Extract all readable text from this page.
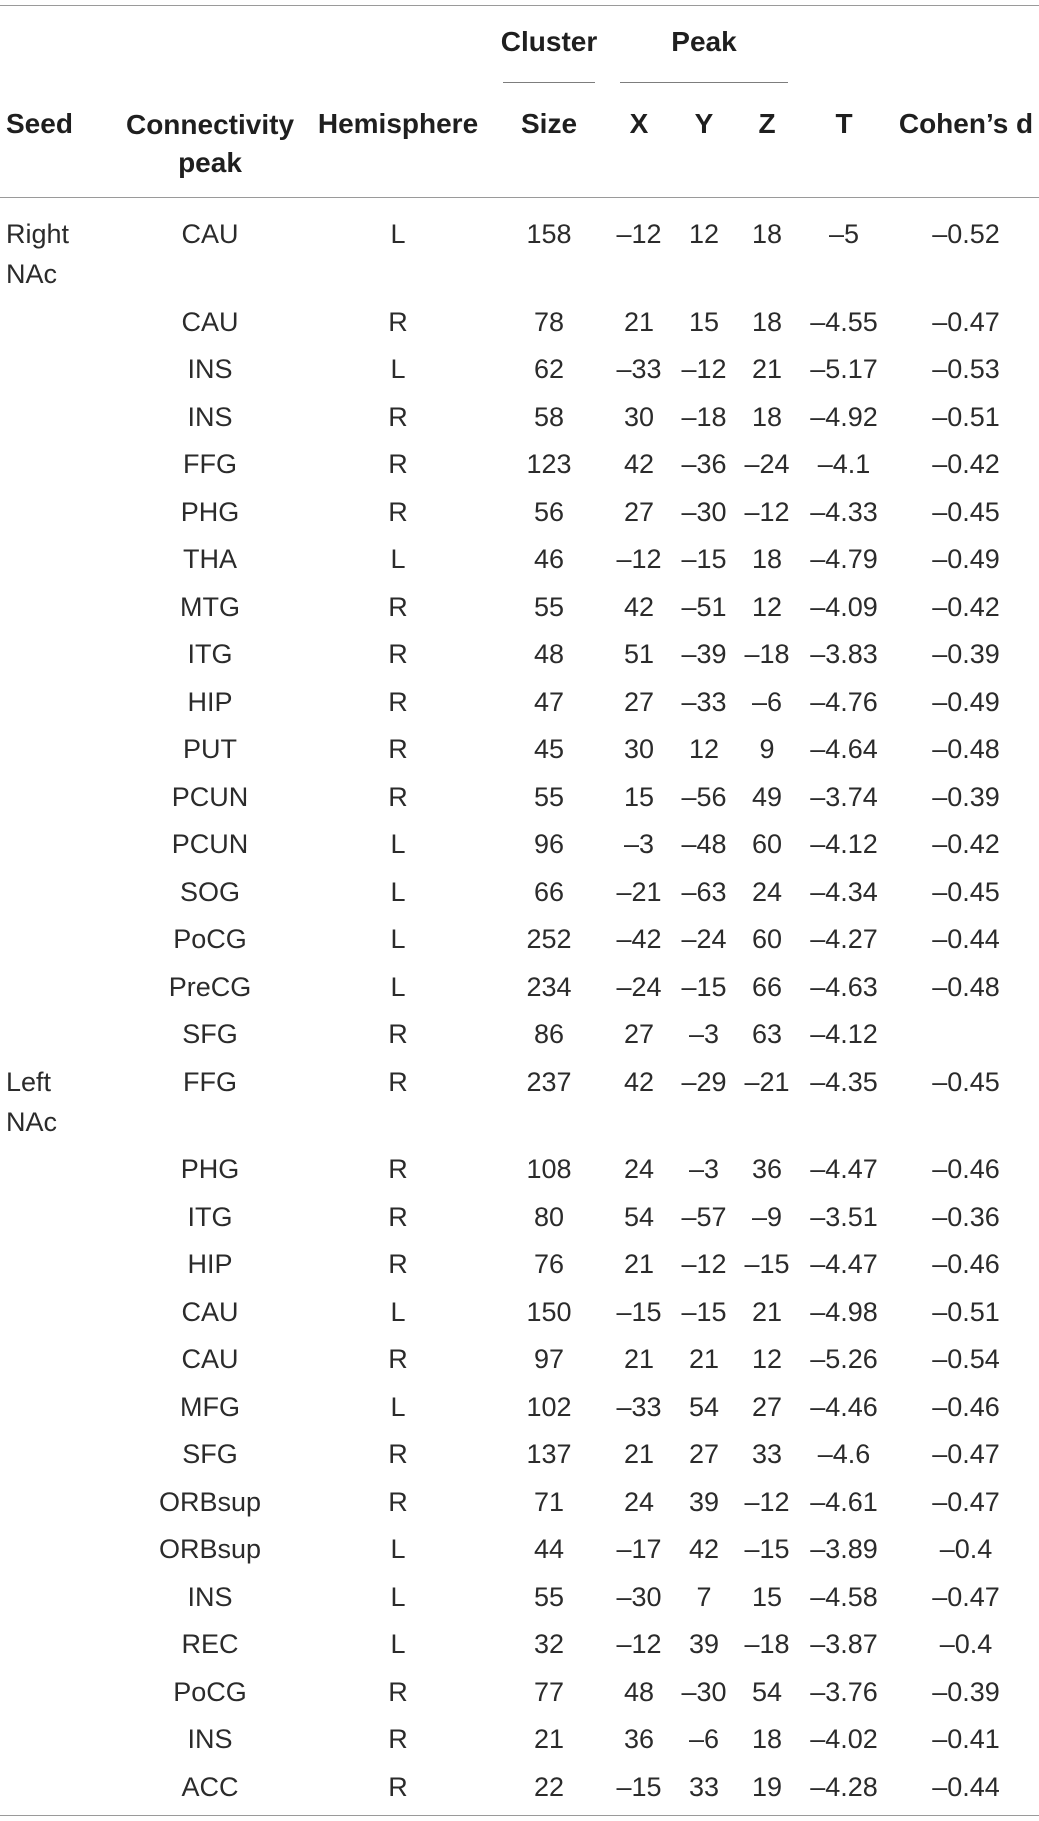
Cluster	Peak
Seed Connectivity
peak
Hemisphere Size X Y Z T Cohen’s d
Right
NAc
CAU	L	158 –12 12 18 –5	–0.52
CAU	R	78 21 15 18 –4.55 –0.47
INS	L	62 –33 –12 21 –5.17 –0.53
INS	R	58 30 –18 18 –4.92 –0.51
FFG	R	123 42 –36 –24 –4.1 –0.42
PHG	R	56 27 –30 –12 –4.33 –0.45
THA	L	46 –12 –15 18 –4.79 –0.49
MTG	R	55 42 –51 12 –4.09 –0.42
ITG	R	48 51 –39 –18 –3.83 –0.39
HIP	R	47 27 –33 –6 –4.76 –0.49
PUT	R	45 30 12 9 –4.64 –0.48
PCUN	R	55 15 –56 49 –3.74 –0.39
PCUN	L	96 –3 –48 60 –4.12 –0.42
SOG	L	66 –21 –63 24 –4.34 –0.45
PoCG	L	252 –42 –24 60 –4.27 –0.44
PreCG	L	234 –24 –15 66 –4.63 –0.48
SFG	R	86 27 –3 63 –4.12
Left
NAc
FFG	R	237 42 –29 –21 –4.35 –0.45
PHG	R	108 24 –3 36 –4.47 –0.46
ITG	R	80 54 –57 –9 –3.51 –0.36
HIP	R	76 21 –12 –15 –4.47 –0.46
CAU	L	150 –15 –15 21 –4.98 –0.51
CAU	R	97 21 21 12 –5.26 –0.54
MFG	L	102 –33 54 27 –4.46 –0.46
SFG	R	137 21 27 33 –4.6 –0.47
ORBsup	R	71 24 39 –12 –4.61 –0.47
ORBsup	L	44 –17 42 –15 –3.89 –0.4
INS	L	55 –30 7 15 –4.58 –0.47
REC	L	32 –12 39 –18 –3.87 –0.4
PoCG	R	77 48 –30 54 –3.76 –0.39
INS	R	21 36 –6 18 –4.02 –0.41
ACC	R	22 –15 33 19 –4.28 –0.44
